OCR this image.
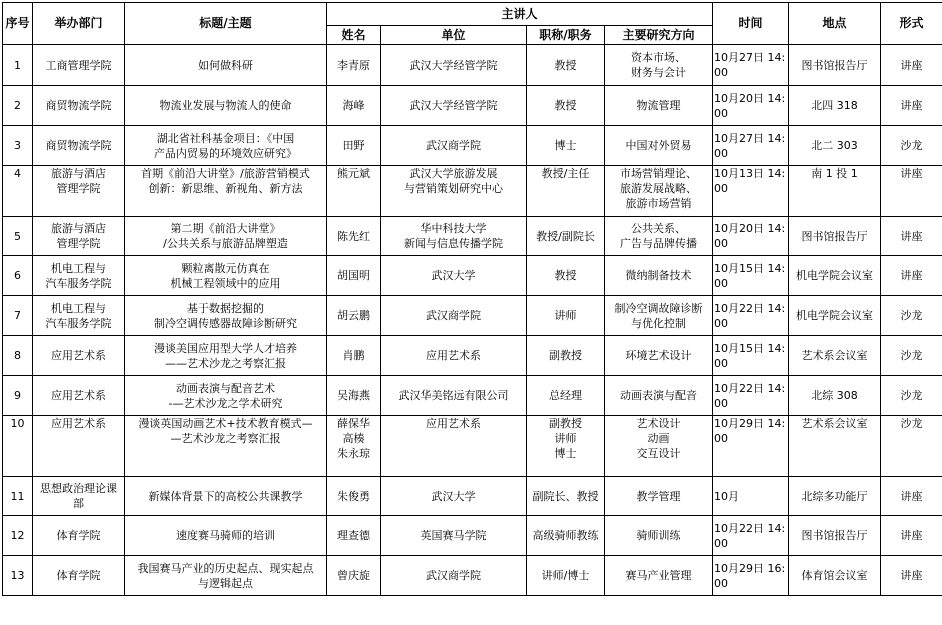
序号	举办部门	标题/主题	主讲人				时间	地点	形式
			姓名	单位	职称/职务	主要研究方向			
1	工商管理学院	如何做科研	李青原	武汉大学经管学院	教授	资本市场、
财务与会计	10月27日 14:
00	图书馆报告厅	讲座
2	商贸物流学院	物流业发展与物流人的使命	海峰	武汉大学经管学院	教授	物流管理	10月20日 14:
00	北四 318	讲座
3	商贸物流学院	湖北省社科基金项目：《中国
产品内贸易的环境效应研究》	田野	武汉商学院	博士	中国对外贸易	10月27日 14:
00	北二 303	沙龙
4	旅游与酒店
管理学院	首期《前沿大讲堂》/旅游营销模式
创新：新思维、新视角、新方法	熊元斌	武汉大学旅游发展
与营销策划研究中心	教授/主任	市场营销理论、
旅游发展战略、
旅游市场营销	10月13日 14:
00	南 1 投 1	讲座
5	旅游与酒店
管理学院	第二期《前沿大讲堂》
/公共关系与旅游品牌塑造	陈先红	华中科技大学
新闻与信息传播学院	教授/副院长	公共关系、
广告与品牌传播	10月20日 14:
00	图书馆报告厅	讲座
6	机电工程与
汽车服务学院	颗粒离散元仿真在
机械工程领域中的应用	胡国明	武汉大学	教授	微纳制备技术	10月15日 14:
00	机电学院会议室	讲座
7	机电工程与
汽车服务学院	基于数据挖掘的
制冷空调传感器故障诊断研究	胡云鹏	武汉商学院	讲师	制冷空调故障诊断
与优化控制	10月22日 14:
00	机电学院会议室	沙龙
8	应用艺术系	漫谈美国应用型大学人才培养
——艺术沙龙之考察汇报	肖鹏	应用艺术系	副教授	环境艺术设计	10月15日 14:
00	艺术系会议室	沙龙
9	应用艺术系	动画表演与配音艺术
-—艺术沙龙之学术研究	吴海燕	武汉华美铭远有限公司	总经理	动画表演与配音	10月22日 14:
00	北综 308	沙龙
10	应用艺术系	漫谈英国动画艺术+技术教育模式—
—艺术沙龙之考察汇报	薛保华
高楱
朱永琼	应用艺术系	副教授
讲师
博士	艺术设计
动画
交互设计	10月29日 14:
00	艺术系会议室	沙龙
11	思想政治理论课
部	新媒体背景下的高校公共课教学	朱俊勇	武汉大学	副院长、教授	教学管理	10月	北综多功能厅	讲座
12	体育学院	速度赛马骑师的培训	理查德	英国赛马学院	高级骑师教练	骑师训练	10月22日 14:
00	图书馆报告厅	讲座
13	体育学院	我国赛马产业的历史起点、现实起点
与逻辑起点	曾庆旋	武汉商学院	讲师/博士	赛马产业管理	10月29日 16:
00	体育馆会议室	讲座
